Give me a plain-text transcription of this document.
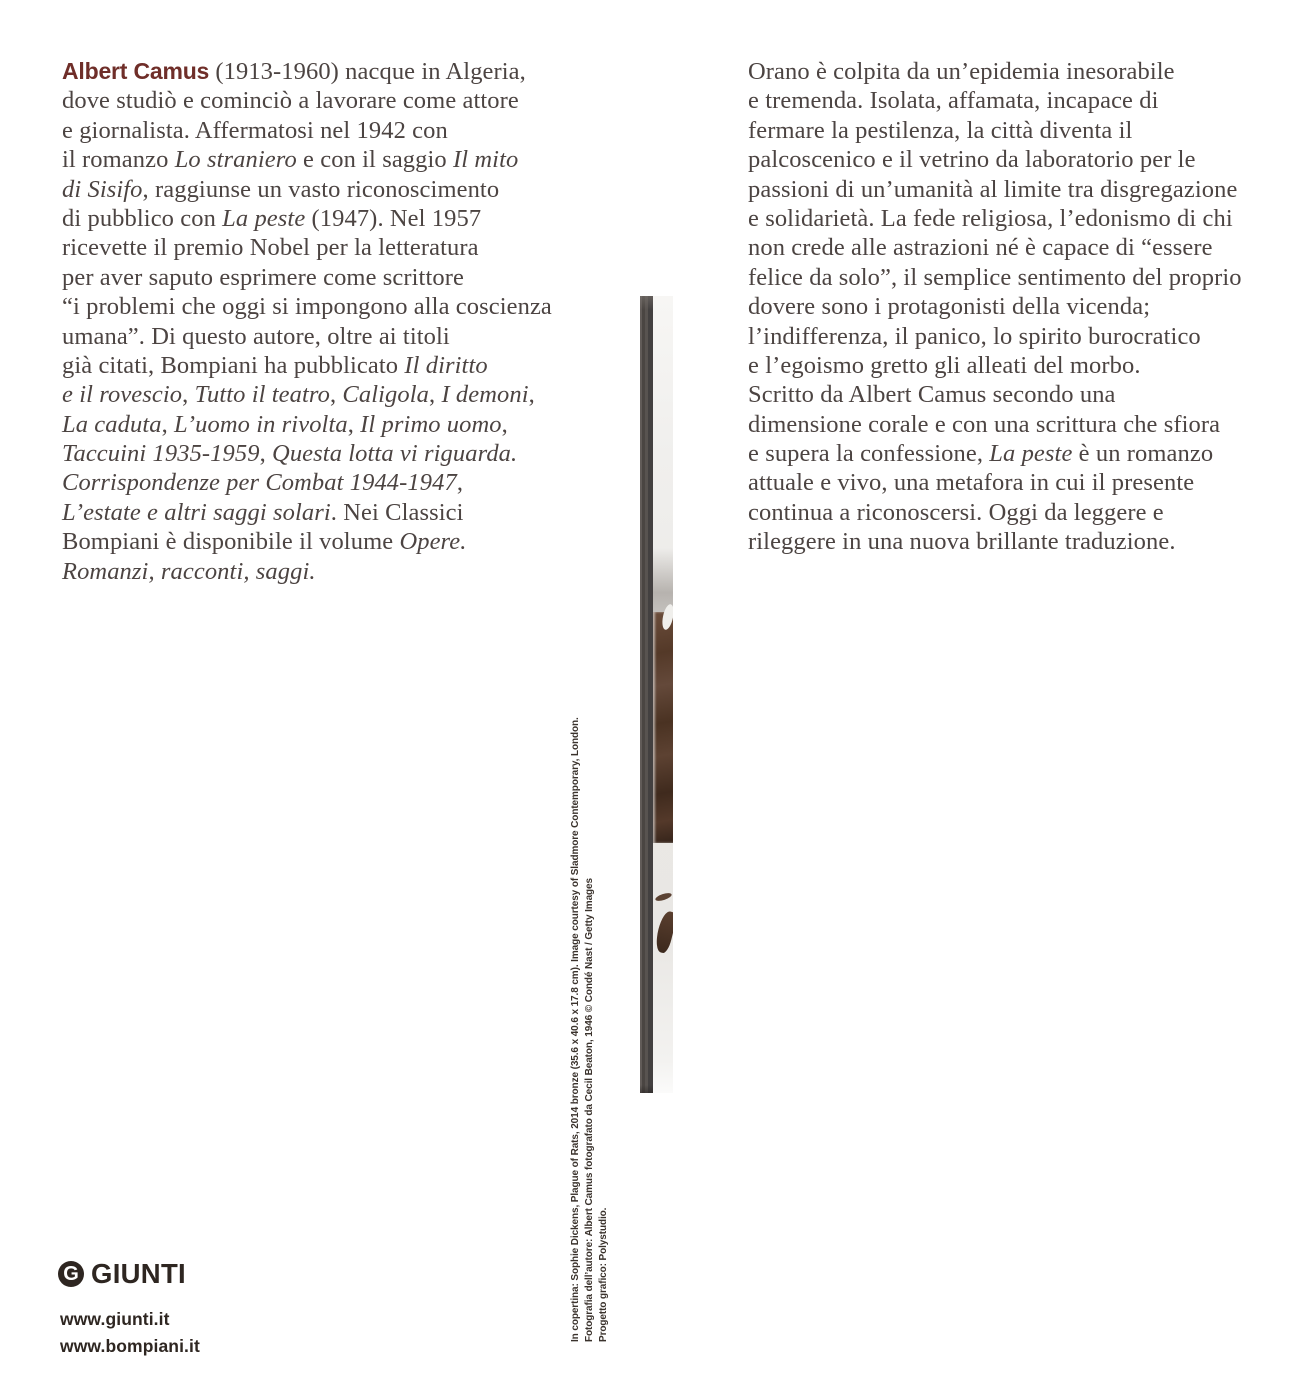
Albert Camus (1913-1960) nacque in Algeria,
dove studiò e cominciò a lavorare come attore
e giornalista. Affermatosi nel 1942 con
il romanzo Lo straniero e con il saggio Il mito
di Sisifo, raggiunse un vasto riconoscimento
di pubblico con La peste (1947). Nel 1957
ricevette il premio Nobel per la letteratura
per aver saputo esprimere come scrittore
“i problemi che oggi si impongono alla coscienza
umana”. Di questo autore, oltre ai titoli
già citati, Bompiani ha pubblicato Il diritto
e il rovescio, Tutto il teatro, Caligola, I demoni,
La caduta, L’uomo in rivolta, Il primo uomo,
Taccuini 1935-1959, Questa lotta vi riguarda.
Corrispondenze per Combat 1944-1947,
L’estate e altri saggi solari. Nei Classici
Bompiani è disponibile il volume Opere.
Romanzi, racconti, saggi.
Orano è colpita da un’epidemia inesorabile
e tremenda. Isolata, affamata, incapace di
fermare la pestilenza, la città diventa il
palcoscenico e il vetrino da laboratorio per le
passioni di un’umanità al limite tra disgregazione
e solidarietà. La fede religiosa, l’edonismo di chi
non crede alle astrazioni né è capace di “essere
felice da solo”, il semplice sentimento del proprio
dovere sono i protagonisti della vicenda;
l’indifferenza, il panico, lo spirito burocratico
e l’egoismo gretto gli alleati del morbo.
Scritto da Albert Camus secondo una
dimensione corale e con una scrittura che sfiora
e supera la confessione, La peste è un romanzo
attuale e vivo, una metafora in cui il presente
continua a riconoscersi. Oggi da leggere e
rileggere in una nuova brillante traduzione.
In copertina: Sophie Dickens, Plague of Rats, 2014 bronze (35.6 x 40.6 x 17.8 cm). Image courtesy of Sladmore Contemporary, London. Fotografia dell’autore: Albert Camus fotografato da Cecil Beaton, 1946 © Condé Nast / Getty Images Progetto grafico: Polystudio.
G GIUNTI
www.giunti.it
www.bompiani.it
